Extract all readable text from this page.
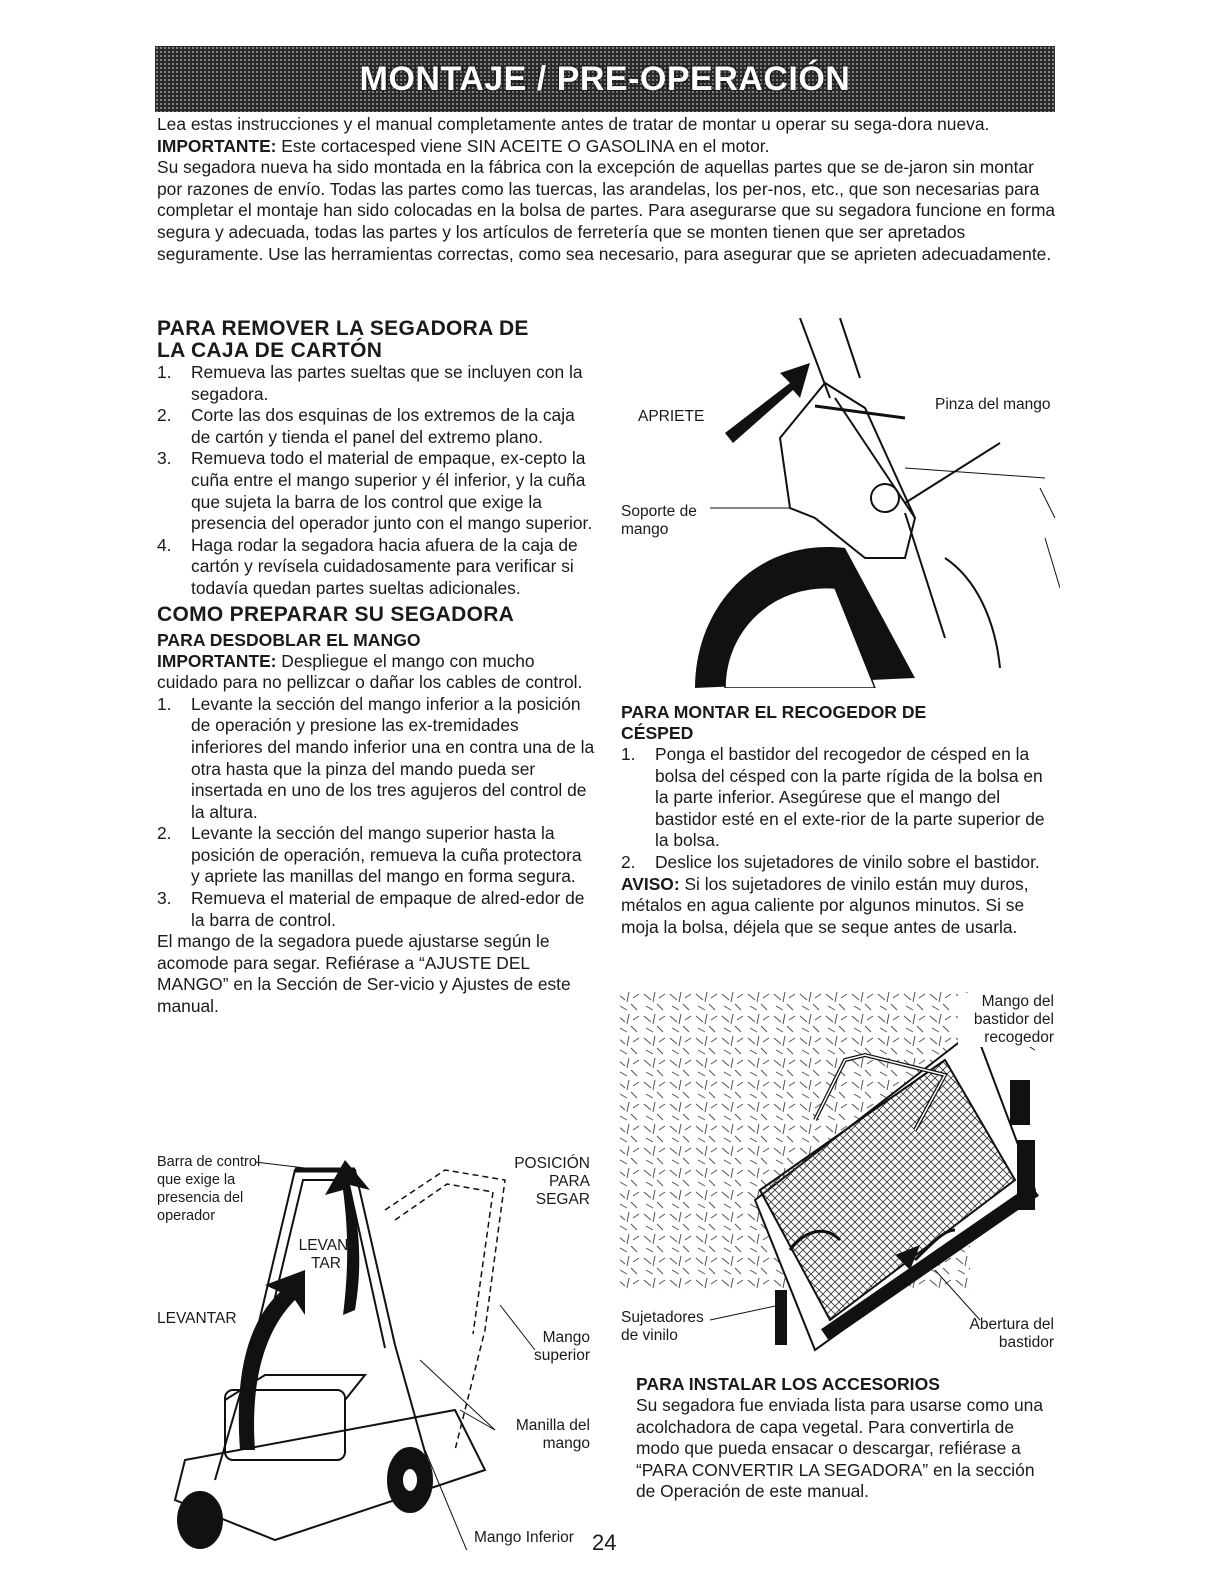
MONTAJE / PRE-OPERACIÓN

Lea estas instrucciones y el manual completamente antes de tratar de montar u operar su sega-dora nueva.

IMPORTANTE: Este cortacesped viene SIN ACEITE O GASOLINA en el motor.

Su segadora nueva ha sido montada en la fábrica con la excepción de aquellas partes que se de-jaron sin montar por razones de envío. Todas las partes como las tuercas, las arandelas, los per-nos, etc., que son necesarias para completar el montaje han sido colocadas en la bolsa de partes. Para asegurarse que su segadora funcione en forma segura y adecuada, todas las partes y los artículos de ferretería que se monten tienen que ser apretados seguramente. Use las herramientas correctas, como sea necesario, para asegurar que se aprieten adecuadamente.

PARA REMOVER LA SEGADORA DE LA CAJA DE CARTÓN

1. Remueva las partes sueltas que se incluyen con la segadora.
2. Corte las dos esquinas de los extremos de la caja de cartón y tienda el panel del extremo plano.
3. Remueva todo el material de empaque, ex-cepto la cuña entre el mango superior y él inferior, y la cuña que sujeta la barra de los control que exige la presencia del operador junto con el mango superior.
4. Haga rodar la segadora hacia afuera de la caja de cartón y revísela cuidadosamente para verificar si todavía quedan partes sueltas adicionales.

COMO PREPARAR SU SEGADORA

PARA DESDOBLAR EL MANGO

IMPORTANTE: Despliegue el mango con mucho cuidado para no pellizcar o dañar los cables de control.

1. Levante la sección del mango inferior a la posición de operación y presione las ex-tremidades inferiores del mando inferior una en contra una de la otra hasta que la pinza del mando pueda ser insertada en uno de los tres agujeros del control de la altura.
2. Levante la sección del mango superior hasta la posición de operación, remueva la cuña protectora y apriete las manillas del mango en forma segura.
3. Remueva el material de empaque de alred-edor de la barra de control.

El mango de la segadora puede ajustarse según le acomode para segar. Refiérase a “AJUSTE DEL MANGO” en la Sección de Ser-vicio y Ajustes de este manual.

Barra de control que exige la presencia del operador
POSICIÓN PARA SEGAR
LEVAN-TAR
LEVANTAR
Mango superior
Manilla del mango
Mango Inferior 24
APRIETE
Pinza del mango
Soporte de mango

PARA MONTAR EL RECOGEDOR DE CÉSPED

1. Ponga el bastidor del recogedor de césped en la bolsa del césped con la parte rígida de la bolsa en la parte inferior. Asegúrese que el mango del bastidor esté en el exte-rior de la parte superior de la bolsa.
2. Deslice los sujetadores de vinilo sobre el bastidor.

AVISO: Si los sujetadores de vinilo están muy duros, métalos en agua caliente por algunos minutos. Si se moja la bolsa, déjela que se seque antes de usarla.

Mango del bastidor del recogedor
Sujetadores de vinilo
Abertura del bastidor

PARA INSTALAR LOS ACCESORIOS

Su segadora fue enviada lista para usarse como una acolchadora de capa vegetal. Para convertirla de modo que pueda ensacar o descargar, refiérase a “PARA CONVERTIR LA SEGADORA” en la sección de Operación de este manual.
